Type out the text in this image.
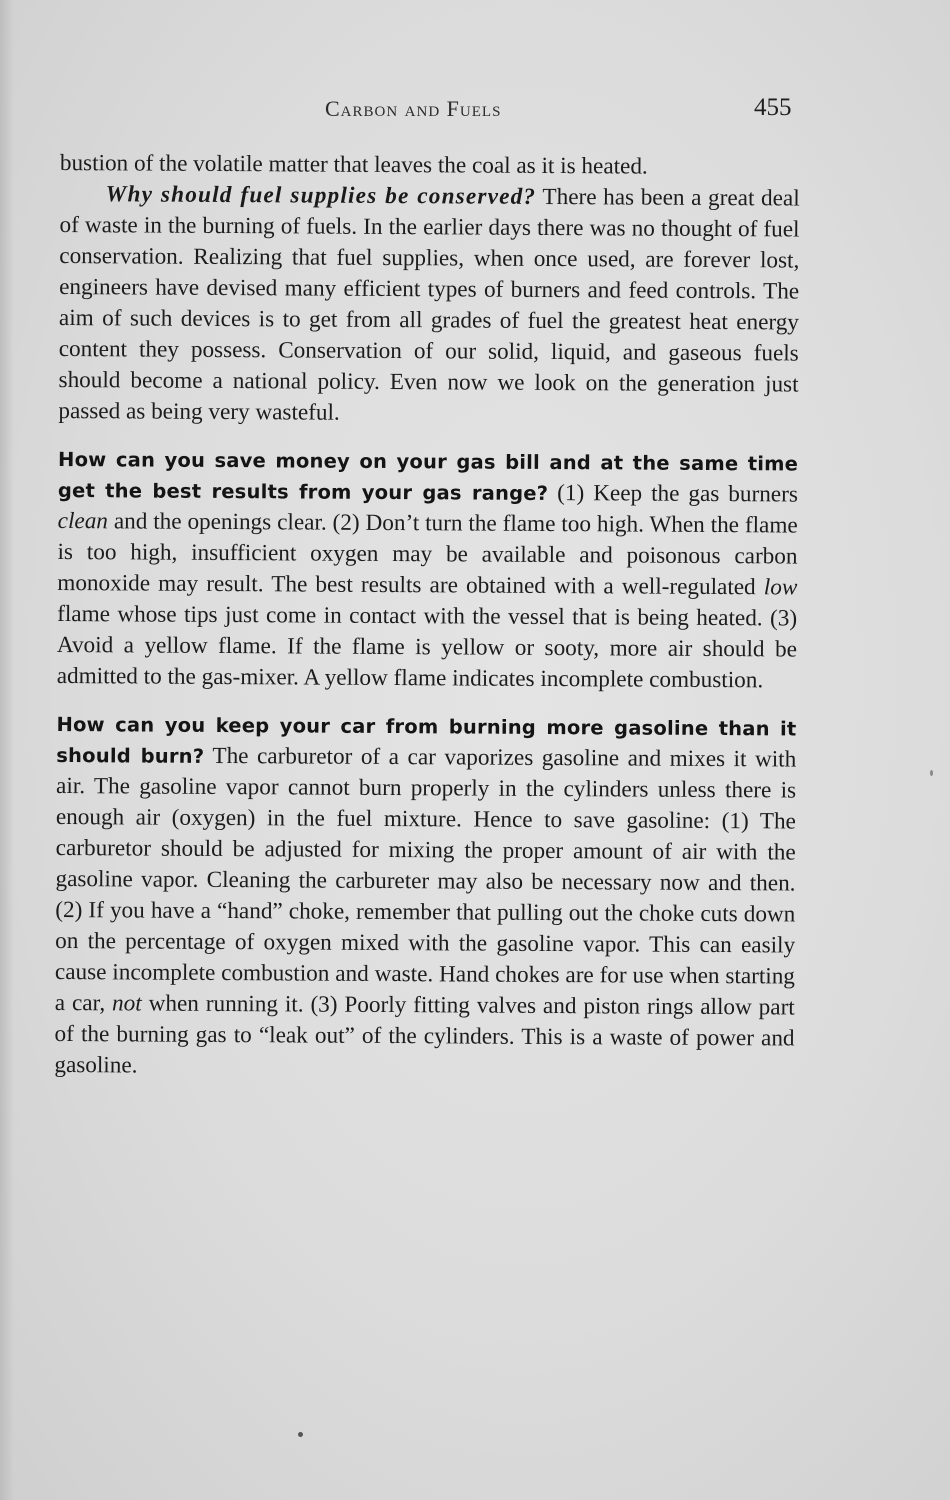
Carbon and Fuels	455

bustion of the volatile matter that leaves the coal as it is heated.

Why should fuel supplies be conserved? There has been a great deal of waste in the burning of fuels. In the earlier days there was no thought of fuel conservation. Realizing that fuel supplies, when once used, are forever lost, engineers have devised many efficient types of burners and feed controls. The aim of such devices is to get from all grades of fuel the greatest heat energy content they possess. Conservation of our solid, liquid, and gaseous fuels should become a national policy. Even now we look on the generation just passed as being very wasteful.

How can you save money on your gas bill and at the same time get the best results from your gas range? (1) Keep the gas burners clean and the openings clear. (2) Don’t turn the flame too high. When the flame is too high, insufficient oxygen may be available and poisonous carbon monoxide may result. The best results are obtained with a well-regulated low flame whose tips just come in contact with the vessel that is being heated. (3) Avoid a yellow flame. If the flame is yellow or sooty, more air should be admitted to the gas-mixer. A yellow flame indicates incomplete combustion.

How can you keep your car from burning more gasoline than it should burn? The carburetor of a car vaporizes gasoline and mixes it with air. The gasoline vapor cannot burn properly in the cylinders unless there is enough air (oxygen) in the fuel mixture. Hence to save gasoline: (1) The carburetor should be adjusted for mixing the proper amount of air with the gasoline vapor. Cleaning the carbureter may also be necessary now and then. (2) If you have a “hand” choke, remember that pulling out the choke cuts down on the percentage of oxygen mixed with the gasoline vapor. This can easily cause incomplete combustion and waste. Hand chokes are for use when starting a car, not when running it. (3) Poorly fitting valves and piston rings allow part of the burning gas to “leak out” of the cylinders. This is a waste of power and gasoline.
